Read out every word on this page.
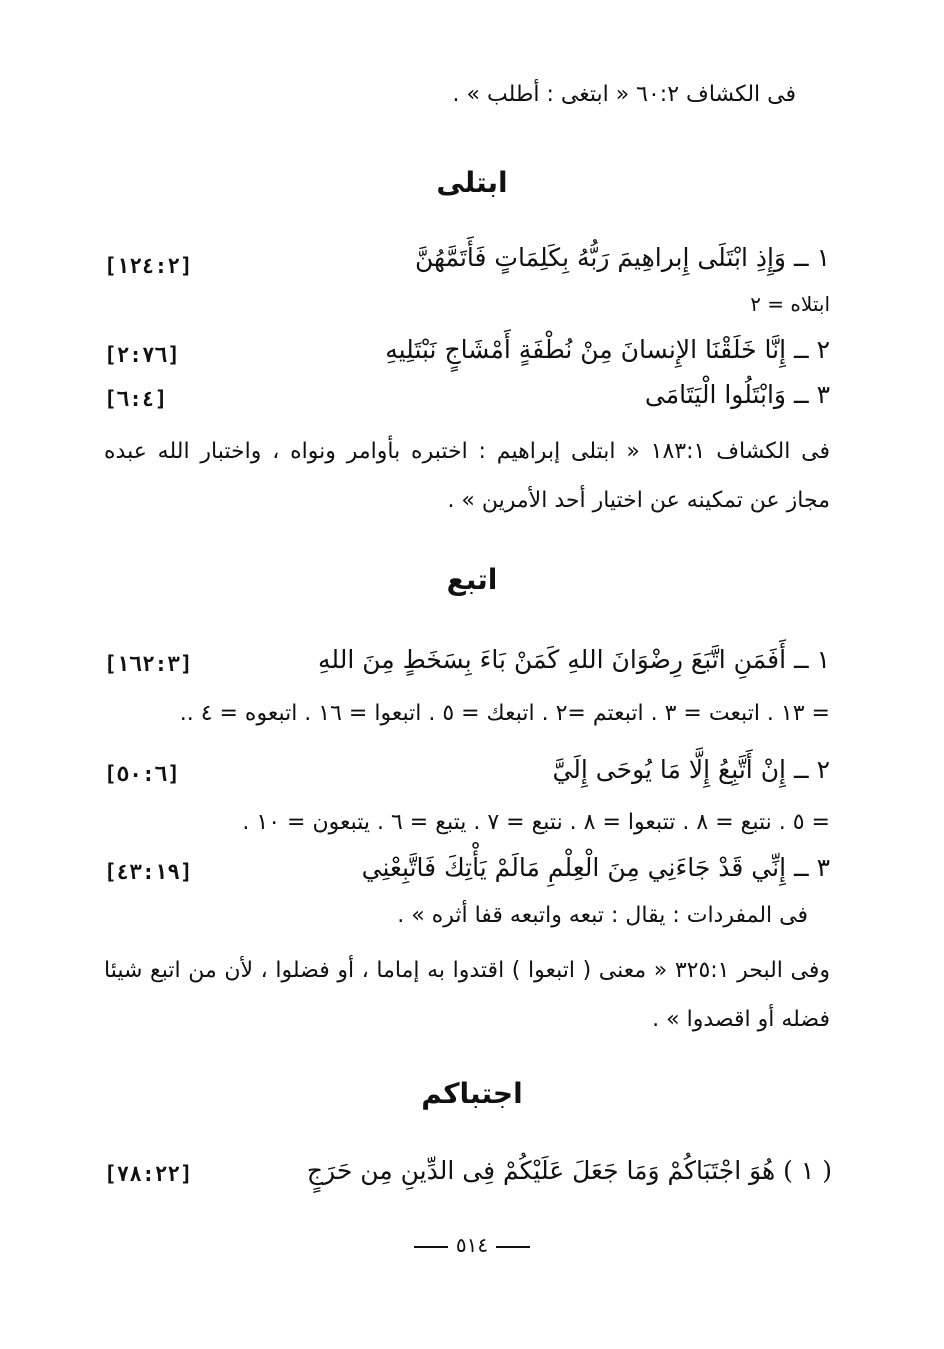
فى الكشاف ٦٠:٢ « ابتغى : أطلب » .
ابتلى
١ ــ وَإِذِ ابْتَلَى إِبراهِيمَ رَبُّهُ بِكَلِمَاتٍ فَأَتَمَّهُنَّ
[١٢٤:٢]
ابتلاه = ٢
٢ ــ إِنَّا خَلَقْنَا الإِنسانَ مِنْ نُطْفَةٍ أَمْشَاجٍ نَبْتَلِيهِ
[٢:٧٦]
٣ ــ وَابْتَلُوا الْيَتَامَى
[٦:٤]
فى الكشاف ١٨٣:١ « ابتلى إبراهيم : اختبره بأوامر ونواه ، واختبار الله عبده مجاز عن تمكينه عن اختيار أحد الأمرين » .
اتبع
١ ــ أَفَمَنِ اتَّبَعَ رِضْوَانَ اللهِ كَمَنْ بَاءَ بِسَخَطٍ مِنَ اللهِ
[١٦٢:٣]
= ١٣ . اتبعت = ٣ . اتبعتم =٢ . اتبعك = ٥ . اتبعوا = ١٦ . اتبعوه = ٤ ..
٢ ــ إِنْ أَتَّبِعُ إِلَّا مَا يُوحَى إِلَيَّ
[٥٠:٦]
= ٥ . نتبع = ٨ . تتبعوا = ٨ . نتبع = ٧ . يتبع = ٦ . يتبعون = ١٠ .
٣ ــ إِنِّي قَدْ جَاءَنِي مِنَ الْعِلْمِ مَالَمْ يَأْتِكَ فَاتَّبِعْنِي
[٤٣:١٩]
فى المفردات : يقال : تبعه واتبعه قفا أثره » .
وفى البحر ٣٢٥:١ « معنى ( اتبعوا ) اقتدوا به إماما ، أو فضلوا ، لأن من اتبع شيئا فضله أو اقصدوا » .
اجتباكم
( ١ ) هُوَ اجْتَبَاكُمْ وَمَا جَعَلَ عَلَيْكُمْ فِى الدِّينِ مِن حَرَجٍ
[٧٨:٢٢]
٥١٤
